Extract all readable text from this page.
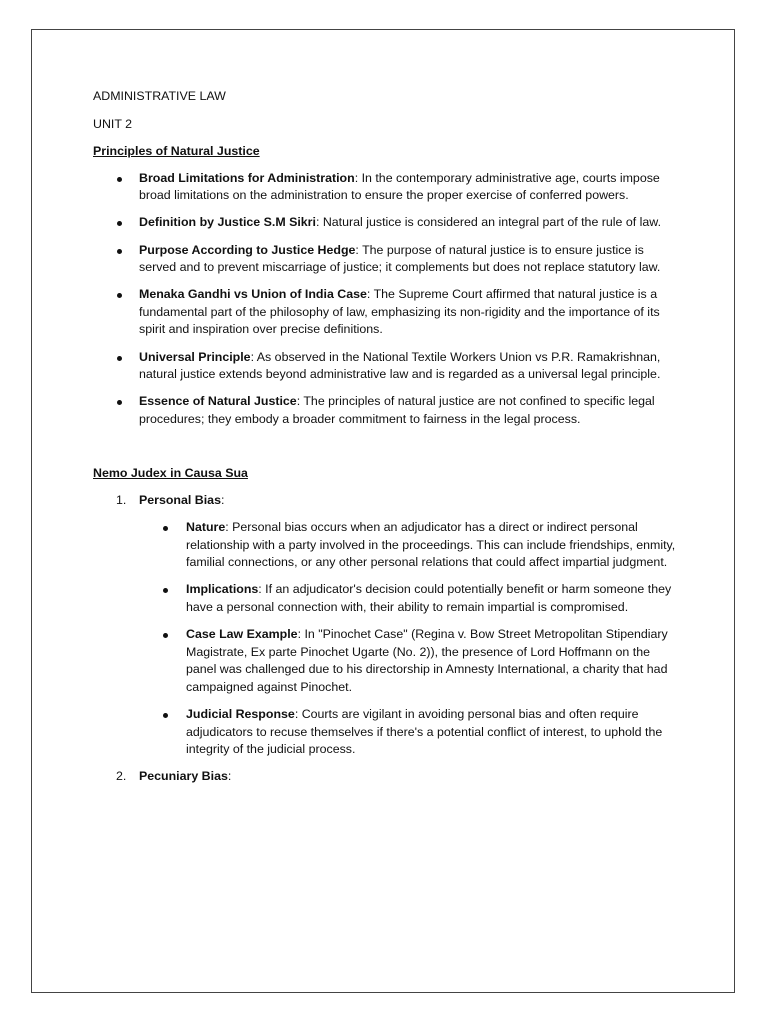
ADMINISTRATIVE LAW
UNIT 2
Principles of Natural Justice
Broad Limitations for Administration: In the contemporary administrative age, courts impose broad limitations on the administration to ensure the proper exercise of conferred powers.
Definition by Justice S.M Sikri: Natural justice is considered an integral part of the rule of law.
Purpose According to Justice Hedge: The purpose of natural justice is to ensure justice is served and to prevent miscarriage of justice; it complements but does not replace statutory law.
Menaka Gandhi vs Union of India Case: The Supreme Court affirmed that natural justice is a fundamental part of the philosophy of law, emphasizing its non-rigidity and the importance of its spirit and inspiration over precise definitions.
Universal Principle: As observed in the National Textile Workers Union vs P.R. Ramakrishnan, natural justice extends beyond administrative law and is regarded as a universal legal principle.
Essence of Natural Justice: The principles of natural justice are not confined to specific legal procedures; they embody a broader commitment to fairness in the legal process.
Nemo Judex in Causa Sua
1. Personal Bias:
Nature: Personal bias occurs when an adjudicator has a direct or indirect personal relationship with a party involved in the proceedings. This can include friendships, enmity, familial connections, or any other personal relations that could affect impartial judgment.
Implications: If an adjudicator's decision could potentially benefit or harm someone they have a personal connection with, their ability to remain impartial is compromised.
Case Law Example: In "Pinochet Case" (Regina v. Bow Street Metropolitan Stipendiary Magistrate, Ex parte Pinochet Ugarte (No. 2)), the presence of Lord Hoffmann on the panel was challenged due to his directorship in Amnesty International, a charity that had campaigned against Pinochet.
Judicial Response: Courts are vigilant in avoiding personal bias and often require adjudicators to recuse themselves if there's a potential conflict of interest, to uphold the integrity of the judicial process.
2. Pecuniary Bias:
